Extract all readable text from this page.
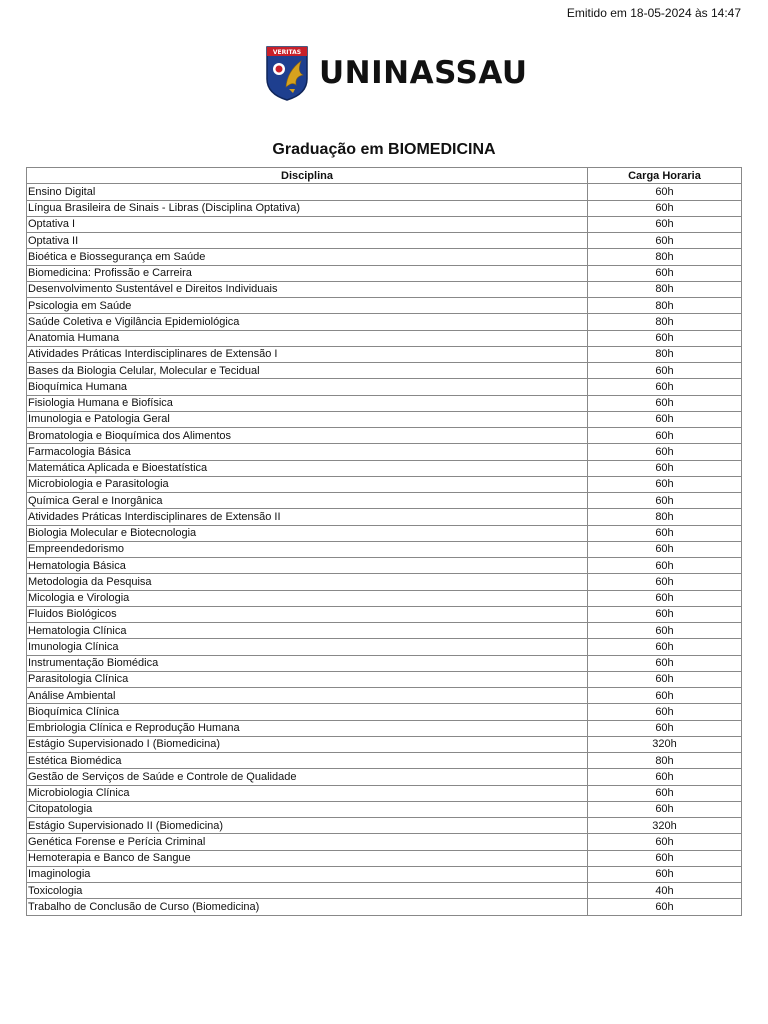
Emitido em 18-05-2024 às 14:47
VERITAS
UNINASSAU
Graduação em BIOMEDICINA
Disciplina	Carga Horaria
Ensino Digital	60h
Língua Brasileira de Sinais - Libras (Disciplina Optativa)	60h
Optativa I	60h
Optativa II	60h
Bioética e Biossegurança em Saúde	80h
Biomedicina: Profissão e Carreira	60h
Desenvolvimento Sustentável e Direitos Individuais	80h
Psicologia em Saúde	80h
Saúde Coletiva e Vigilância Epidemiológica	80h
Anatomia Humana	60h
Atividades Práticas Interdisciplinares de Extensão I	80h
Bases da Biologia Celular, Molecular e Tecidual	60h
Bioquímica Humana	60h
Fisiologia Humana e Biofísica	60h
Imunologia e Patologia Geral	60h
Bromatologia e Bioquímica dos Alimentos	60h
Farmacologia Básica	60h
Matemática Aplicada e Bioestatística	60h
Microbiologia e Parasitologia	60h
Química Geral e Inorgânica	60h
Atividades Práticas Interdisciplinares de Extensão II	80h
Biologia Molecular e Biotecnologia	60h
Empreendedorismo	60h
Hematologia Básica	60h
Metodologia da Pesquisa	60h
Micologia e Virologia	60h
Fluidos Biológicos	60h
Hematologia Clínica	60h
Imunologia Clínica	60h
Instrumentação Biomédica	60h
Parasitologia Clínica	60h
Análise Ambiental	60h
Bioquímica Clínica	60h
Embriologia Clínica e Reprodução Humana	60h
Estágio Supervisionado I (Biomedicina)	320h
Estética Biomédica	80h
Gestão de Serviços de Saúde e Controle de Qualidade	60h
Microbiologia Clínica	60h
Citopatologia	60h
Estágio Supervisionado II (Biomedicina)	320h
Genética Forense e Perícia Criminal	60h
Hemoterapia e Banco de Sangue	60h
Imaginologia	60h
Toxicologia	40h
Trabalho de Conclusão de Curso (Biomedicina)	60h
